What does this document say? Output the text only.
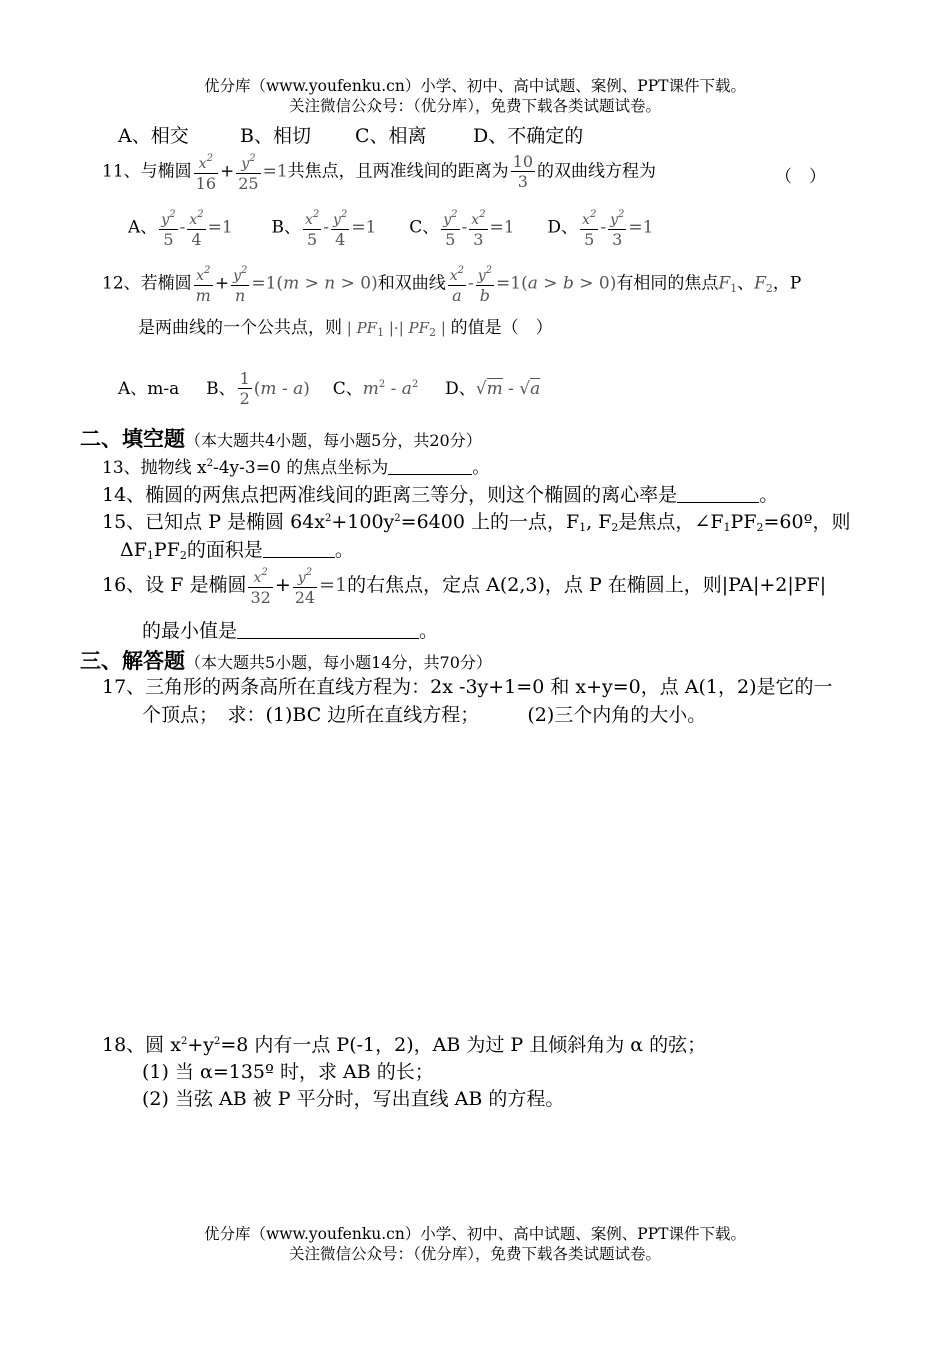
优分库（www.youfenku.cn）小学、初中、高中试题、案例、PPT课件下载。
关注微信公众号：（优分库），免费下载各类试题试卷。
A、相交	B、相切 C、相离 D、不确定的
11、与椭圆 $\frac{x^2}{16} + \frac{y^2}{25} =1$共焦点，且两准线间的距离为 $\frac{10}{3}$ 的双曲线方程为	（　）
A、 $\frac{y^2}{5} - \frac{x^2}{4} =1$ B、 $\frac{x^2}{5} - \frac{y^2}{4} =1$ C、 $\frac{y^2}{5} - \frac{x^2}{3} =1$ D、 $\frac{x^2}{5} - \frac{y^2}{3} =1$
12、若椭圆 $\frac{x^2}{m} + \frac{y^2}{n} =1(m > n > 0)$和双曲线 $\frac{x^2}{a} - \frac{y^2}{b} =1(a > b > 0)$有相同的焦点$F_1$、$F_2$，P
是两曲线的一个公共点，则 | $PF_1$ |·| $PF_2$ | 的值是（　）
A、m-a B、 $\frac{1}{2} (m - a)$ C、$m^2 - a^2$ D、√m - √a
二、填空题（本大题共4小题，每小题5分，共20分）
13、抛物线 $x^2-4y-3=0$ 的焦点坐标为	。
14、椭圆的两焦点把两准线间的距离三等分，则这个椭圆的离心率是	。
15、已知点 P 是椭圆 $64x^2+100y^2=6400$ 上的一点，$F_1$, $F_2$是焦点，$\angle F_1PF_2=60º$，则
$\Delta F_1PF_2$的面积是	。
16、设 F 是椭圆 $\frac{x^2}{32} + \frac{y^2}{24} =1$的右焦点，定点 A(2,3)，点 P 在椭圆上，则|PA|+2|PF|
的最小值是	。
三、解答题（本大题共5小题，每小题14分，共70分）
17、三角形的两条高所在直线方程为：2x -3y+1=0 和 x+y=0，点 A(1，2)是它的一
个顶点；　求：(1)BC 边所在直线方程；	(2)三个内角的大小。
18、圆 $x^2+y^2=8$ 内有一点 P(-1，2)，AB 为过 P 且倾斜角为 α 的弦；
(1) 当 α=135º 时，求 AB 的长；
(2) 当弦 AB 被 P 平分时，写出直线 AB 的方程。
优分库（www.youfenku.cn）小学、初中、高中试题、案例、PPT课件下载。
关注微信公众号：（优分库），免费下载各类试题试卷。
